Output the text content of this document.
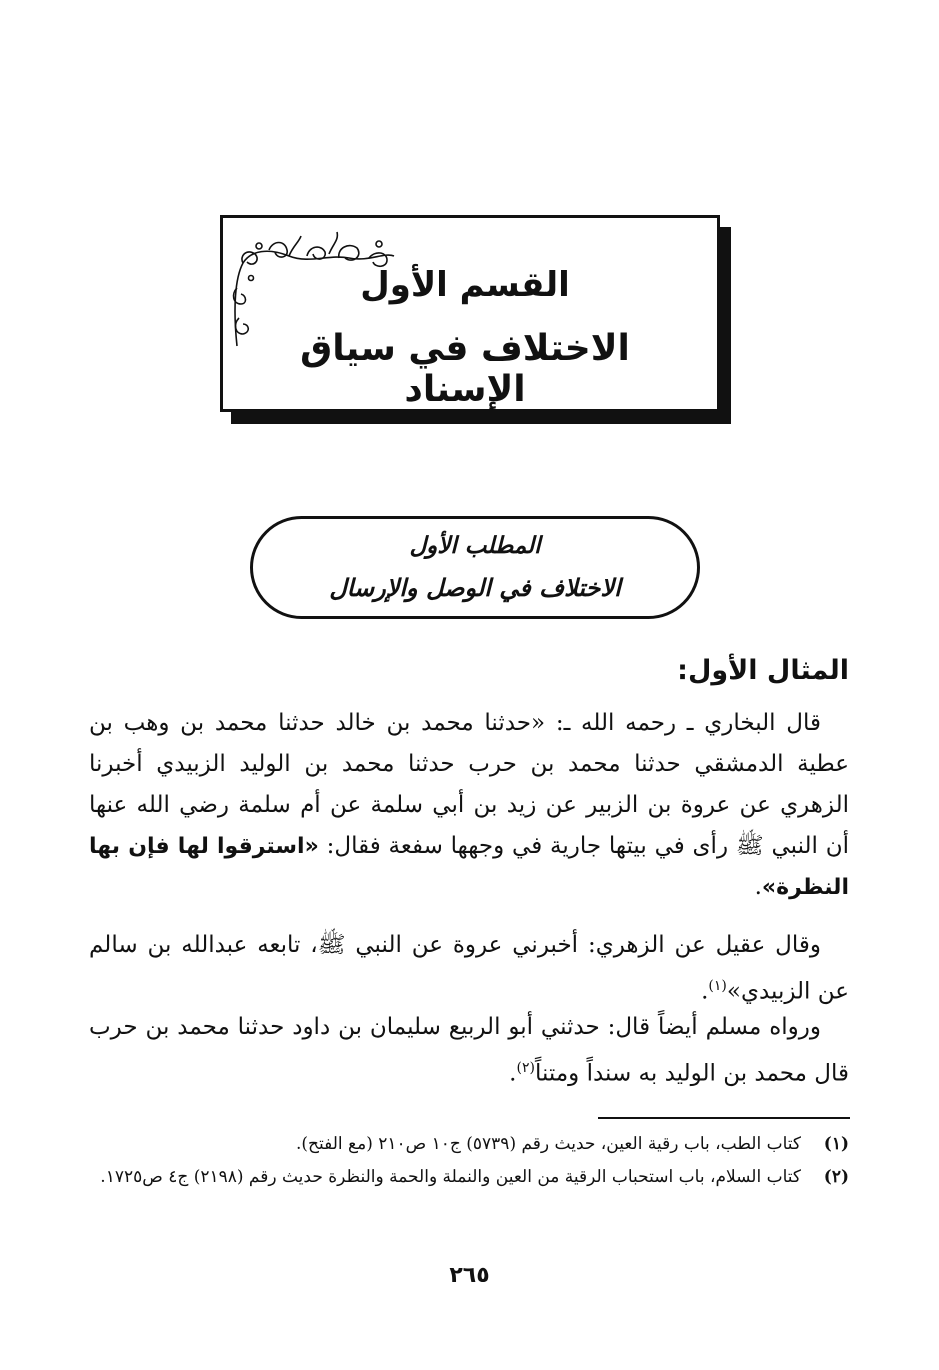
القسم الأول
الاختلاف في سياق الإسناد
المطلب الأول
الاختلاف في الوصل والإرسال
المثال الأول:

قال البخاري ـ رحمه الله ـ: «حدثنا محمد بن خالد حدثنا محمد بن وهب بن عطية الدمشقي حدثنا محمد بن حرب حدثنا محمد بن الوليد الزبيدي أخبرنا الزهري عن عروة بن الزبير عن زيد بن أبي سلمة عن أم سلمة رضي الله عنها أن النبي ﷺ رأى في بيتها جارية في وجهها سفعة فقال: «استرقوا لها فإن بها النظرة».

وقال عقيل عن الزهري: أخبرني عروة عن النبي ﷺ، تابعه عبدالله بن سالم عن الزبيدي»$^{(١)}$.

ورواه مسلم أيضاً قال: حدثني أبو الربيع سليمان بن داود حدثنا محمد بن حرب قال محمد بن الوليد به سنداً ومتناً$^{(٢)}$.

(١)
كتاب الطب، باب رقية العين، حديث رقم (٥٧٣٩) ج١٠ ص٢١٠ (مع الفتح).

(٢)
كتاب السلام، باب استحباب الرقية من العين والنملة والحمة والنظرة حديث رقم (٢١٩٨) ج٤ ص١٧٢٥.

٢٦٥
